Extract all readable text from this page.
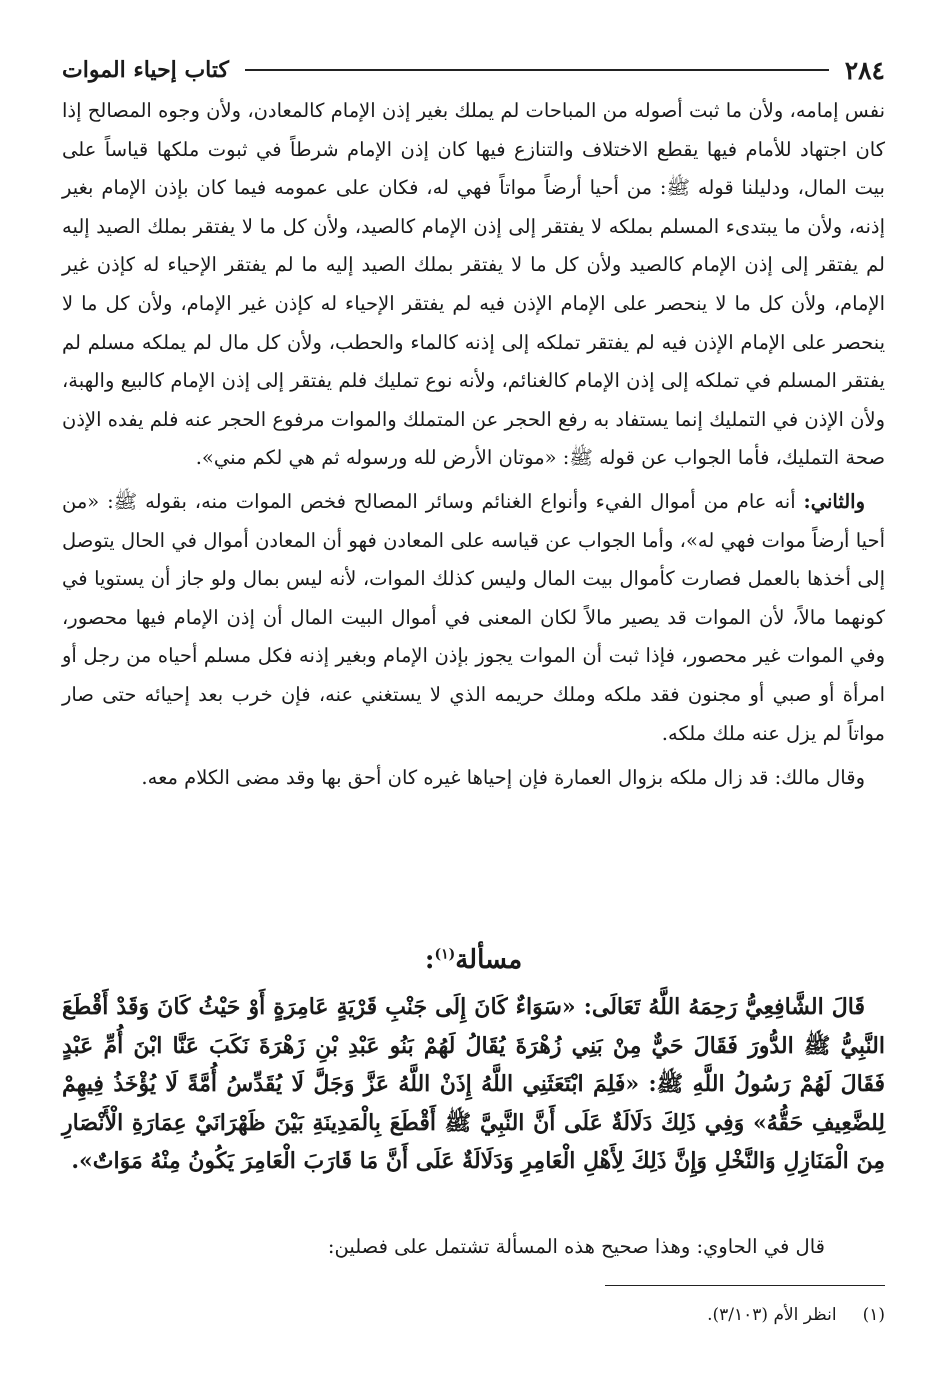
٢٨٤
كتاب إحياء الموات

نفس إمامه، ولأن ما ثبت أصوله من المباحات لم يملك بغير إذن الإمام كالمعادن، ولأن وجوه المصالح إذا كان اجتهاد للأمام فيها يقطع الاختلاف والتنازع فيها كان إذن الإمام شرطاً في ثبوت ملكها قياساً على بيت المال، ودليلنا قوله ﷺ: من أحيا أرضاً مواتاً فهي له، فكان على عمومه فيما كان بإذن الإمام بغير إذنه، ولأن ما يبتدىء المسلم بملكه لا يفتقر إلى إذن الإمام كالصيد، ولأن كل ما لا يفتقر بملك الصيد إليه لم يفتقر إلى إذن الإمام كالصيد ولأن كل ما لا يفتقر بملك الصيد إليه ما لم يفتقر الإحياء له كإذن غير الإمام، ولأن كل ما لا ينحصر على الإمام الإذن فيه لم يفتقر الإحياء له كإذن غير الإمام، ولأن كل ما لا ينحصر على الإمام الإذن فيه لم يفتقر تملكه إلى إذنه كالماء والحطب، ولأن كل مال لم يملكه مسلم لم يفتقر المسلم في تملكه إلى إذن الإمام كالغنائم، ولأنه نوع تمليك فلم يفتقر إلى إذن الإمام كالبيع والهبة، ولأن الإذن في التمليك إنما يستفاد به رفع الحجر عن المتملك والموات مرفوع الحجر عنه فلم يفده الإذن صحة التمليك، فأما الجواب عن قوله ﷺ: «موتان الأرض لله ورسوله ثم هي لكم مني».

والثاني: أنه عام من أموال الفيء وأنواع الغنائم وسائر المصالح فخص الموات منه، بقوله ﷺ: «من أحيا أرضاً موات فهي له»، وأما الجواب عن قياسه على المعادن فهو أن المعادن أموال في الحال يتوصل إلى أخذها بالعمل فصارت كأموال بيت المال وليس كذلك الموات، لأنه ليس بمال ولو جاز أن يستويا في كونهما مالاً، لأن الموات قد يصير مالاً لكان المعنى في أموال البيت المال أن إذن الإمام فيها محصور، وفي الموات غير محصور، فإذا ثبت أن الموات يجوز بإذن الإمام وبغير إذنه فكل مسلم أحياه من رجل أو امرأة أو صبي أو مجنون فقد ملكه وملك حريمه الذي لا يستغني عنه، فإن خرب بعد إحيائه حتى صار مواتاً لم يزل عنه ملك ملكه.

وقال مالك: قد زال ملكه بزوال العمارة فإن إحياها غيره كان أحق بها وقد مضى الكلام معه.

مسألة$^{(١)}$:

قَالَ الشَّافِعِيُّ رَحِمَهُ اللَّهُ تَعَالَى: «سَوَاءٌ كَانَ إِلَى جَنْبِ قَرْيَةٍ عَامِرَةٍ أَوْ حَيْثُ كَانَ وَقَدْ أَقْطَعَ النَّبِيُّ ﷺ الدُّورَ فَقَالَ حَيٌّ مِنْ بَنِي زُهْرَةَ يُقَالُ لَهُمْ بَنُو عَبْدِ بْنِ زَهْرَةَ نَكَبَ عَنَّا ابْنَ أُمِّ عَبْدٍ فَقَالَ لَهُمْ رَسُولُ اللَّهِ ﷺ: «فَلِمَ ابْتَعَثَنِي اللَّهُ إِذَنْ اللَّهُ عَزَّ وَجَلَّ لَا يُقَدِّسُ أُمَّةً لَا يُؤْخَذُ فِيهِمْ لِلضَّعِيفِ حَقُّهُ» وَفِي ذَلِكَ دَلَالَةٌ عَلَى أَنَّ النَّبِيَّ ﷺ أَقْطَعَ بِالْمَدِينَةِ بَيْنَ ظَهْرَانَيْ عِمَارَةِ الْأَنْصَارِ مِنَ الْمَنَازِلِ وَالنَّخْلِ وَإِنَّ ذَلِكَ لِأَهْلِ الْعَامِرِ وَدَلَالَةٌ عَلَى أَنَّ مَا قَارَبَ الْعَامِرَ يَكُونُ مِنْهُ مَوَاتٌ».

قال في الحاوي: وهذا صحيح هذه المسألة تشتمل على فصلين:
(١)انظر الأم (٣/١٠٣).
